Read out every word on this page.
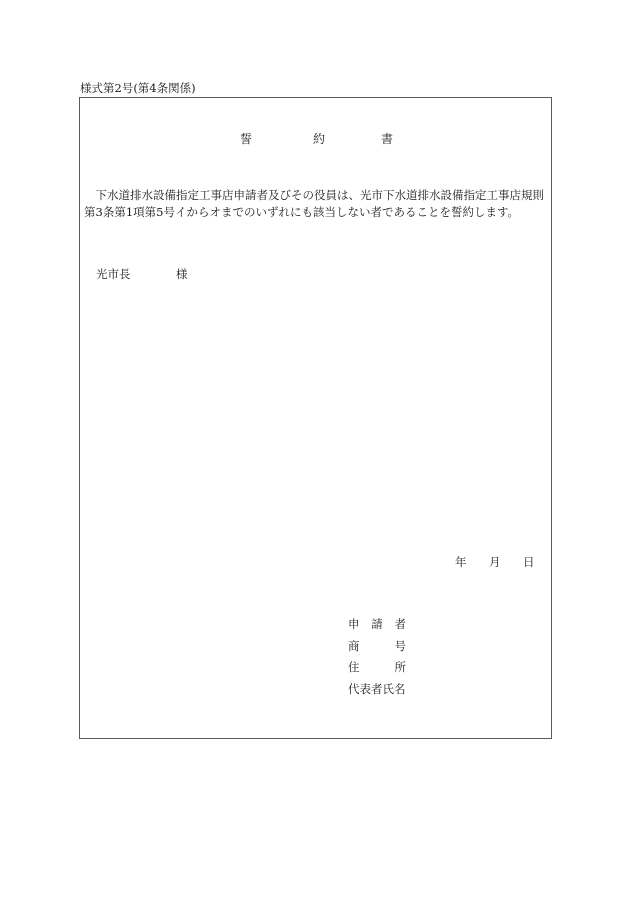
様式第2号(第4条関係)
誓	約	書
　下水道排水設備指定工事店申請者及びその役員は、光市下水道排水設備指定工事店規則
第3条第1項第5号イからオまでのいずれにも該当しない者であることを誓約します。
光市長	様
年 月 日
申 請 者
商	号
住	所
代表者氏名
